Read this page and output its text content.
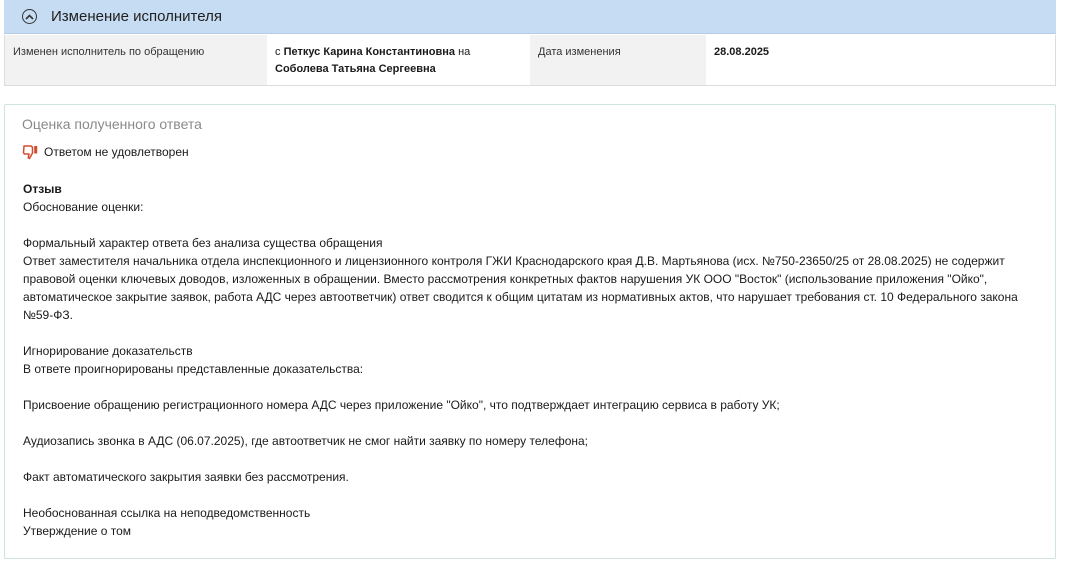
Изменение исполнителя
Изменен исполнитель по обращению	с Петкус Карина Константиновна на Соболева Татьяна Сергеевна
Дата изменения	28.08.2025
Оценка полученного ответа
Ответом не удовлетворен
Отзыв

Обоснование оценки:

Формальный характер ответа без анализа существа обращения

Ответ заместителя начальника отдела инспекционного и лицензионного контроля ГЖИ Краснодарского края Д.В. Мартьянова (исх. №750-23650/25 от 28.08.2025) не содержит правовой оценки ключевых доводов, изложенных в обращении. Вместо рассмотрения конкретных фактов нарушения УК ООО "Восток" (использование приложения "Ойко", автоматическое закрытие заявок, работа АДС через автоответчик) ответ сводится к общим цитатам из нормативных актов, что нарушает требования ст. 10 Федерального закона №59-ФЗ.

Игнорирование доказательств

В ответе проигнорированы представленные доказательства:

Присвоение обращению регистрационного номера АДС через приложение "Ойко", что подтверждает интеграцию сервиса в работу УК;

Аудиозапись звонка в АДС (06.07.2025), где автоответчик не смог найти заявку по номеру телефона;

Факт автоматического закрытия заявки без рассмотрения.

Необоснованная ссылка на неподведомственность

Утверждение о том
